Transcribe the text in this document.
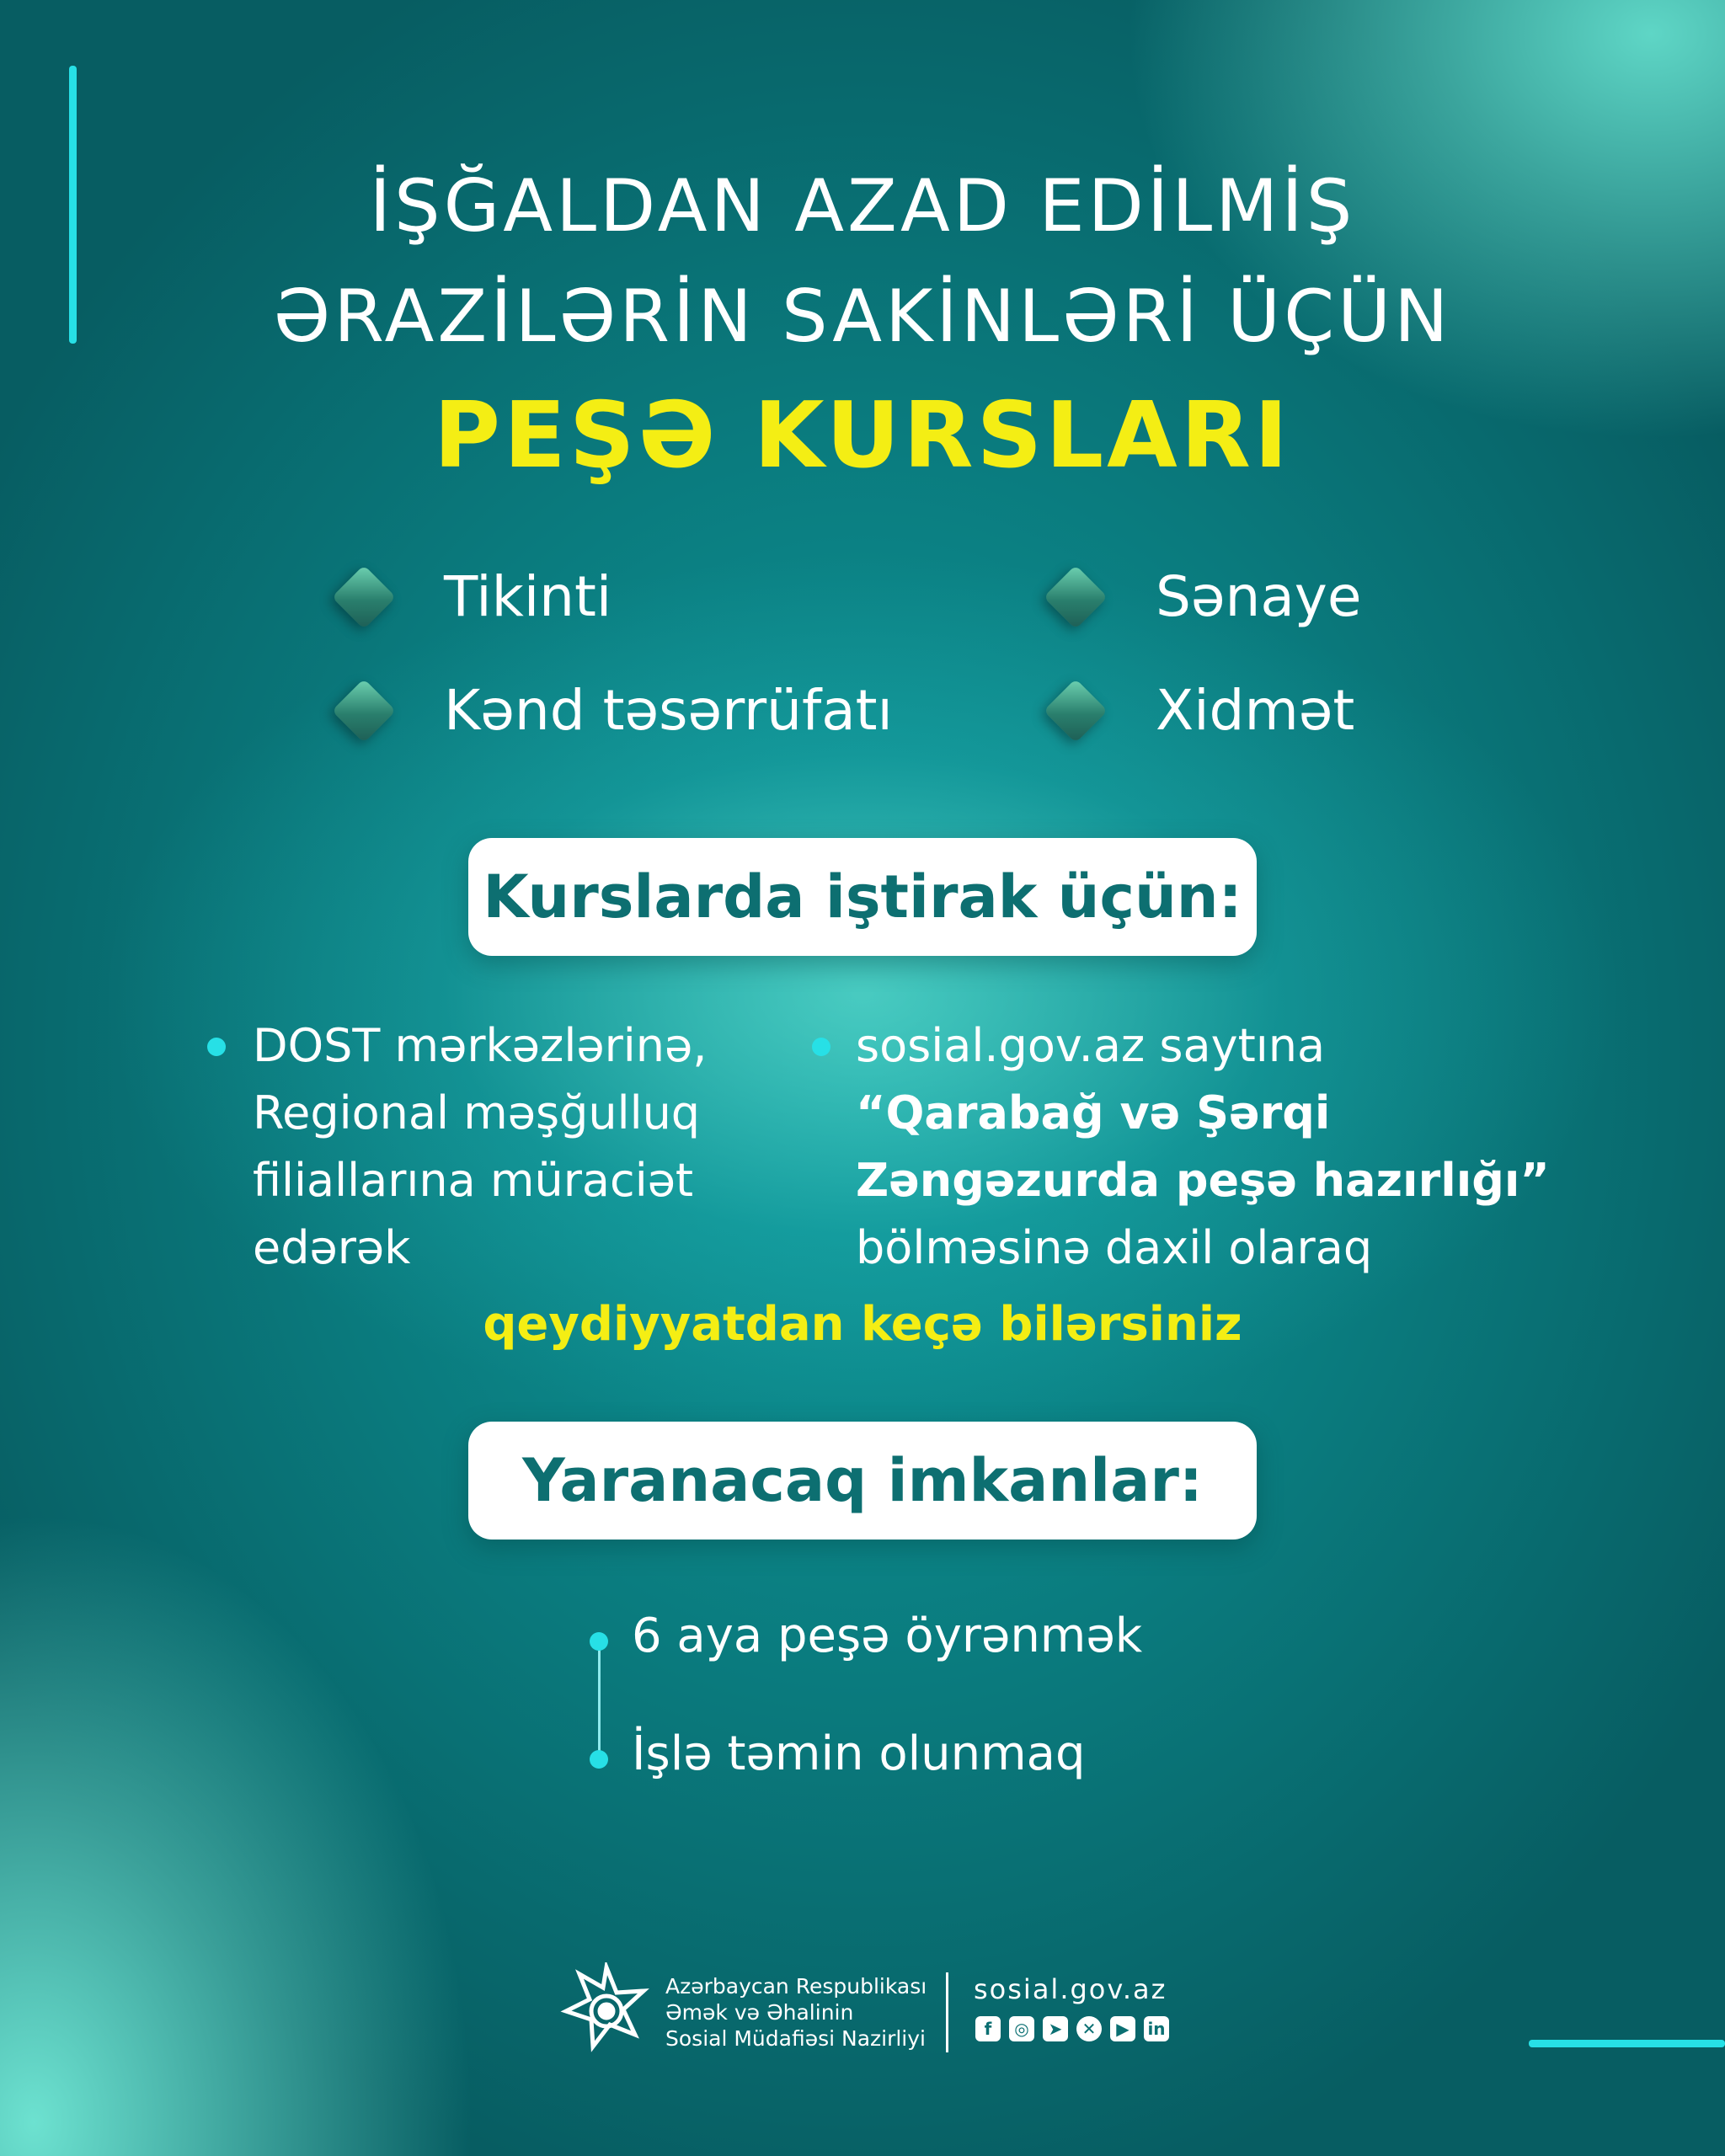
İŞĞALDAN AZAD EDİLMİŞ
ƏRAZİLƏRİN SAKİNLƏRİ ÜÇÜN
PEŞƏ KURSLARI
Tikinti	Sənaye
Kənd təsərrüfatı	Xidmət
Kurslarda iştirak üçün:
DOST mərkəzlərinə,
Regional məşğulluq
filiallarına müraciət
edərək
sosial.gov.az saytına
“Qarabağ və Şərqi
Zəngəzurda peşə hazırlığı”
bölməsinə daxil olaraq
qeydiyyatdan keçə bilərsiniz
Yaranacaq imkanlar:
6 aya peşə öyrənmək
İşlə təmin olunmaq
Azərbaycan Respublikası
Əmək və Əhalinin
Sosial Müdafiəsi Nazirliyi
sosial.gov.az
f	◎	➤	✕	▶	in
